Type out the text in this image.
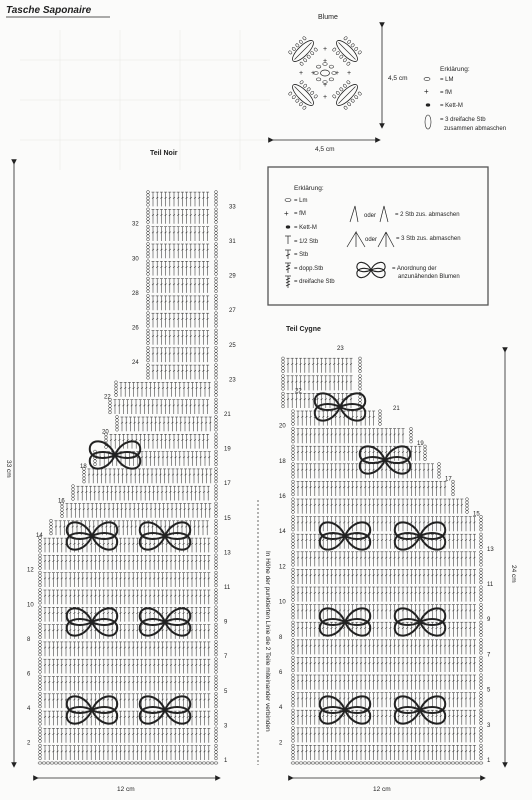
Tasche Saponaire
Blume
+	+
+
+
+	+
+
+
4,5 cm
4,5 cm
Erklärung:
= LM
+ = fM
= Kett-M
= 3 dreifache Stb
zusammen abmaschen
Erklärung:
= Lm
+ = fM
= Kett-M
= 1/2 Stb
= Stb
= dopp.Stb
= dreifache Stb
oder	= 2 Stb zus. abmaschen
oder	= 3 Stb zus. abmaschen
= Anordnung der
anzunähenden Blumen
Teil Noir
1
3
5
7
9
11
13
15
17
19
21
23
25
27
29
31
33
2
4
6
8
10
12
14
16
18
20
22
24
26
28
30
32
33 cm
12 cm
In Höhe der punktierten Linie die 2 Teile miteinander verbinden
Teil Cygne
1
3
5
7
9
11
13
15
17
19
21
2
4
6
8
10
12
14
16
18
20
22
23
24 cm
12 cm
